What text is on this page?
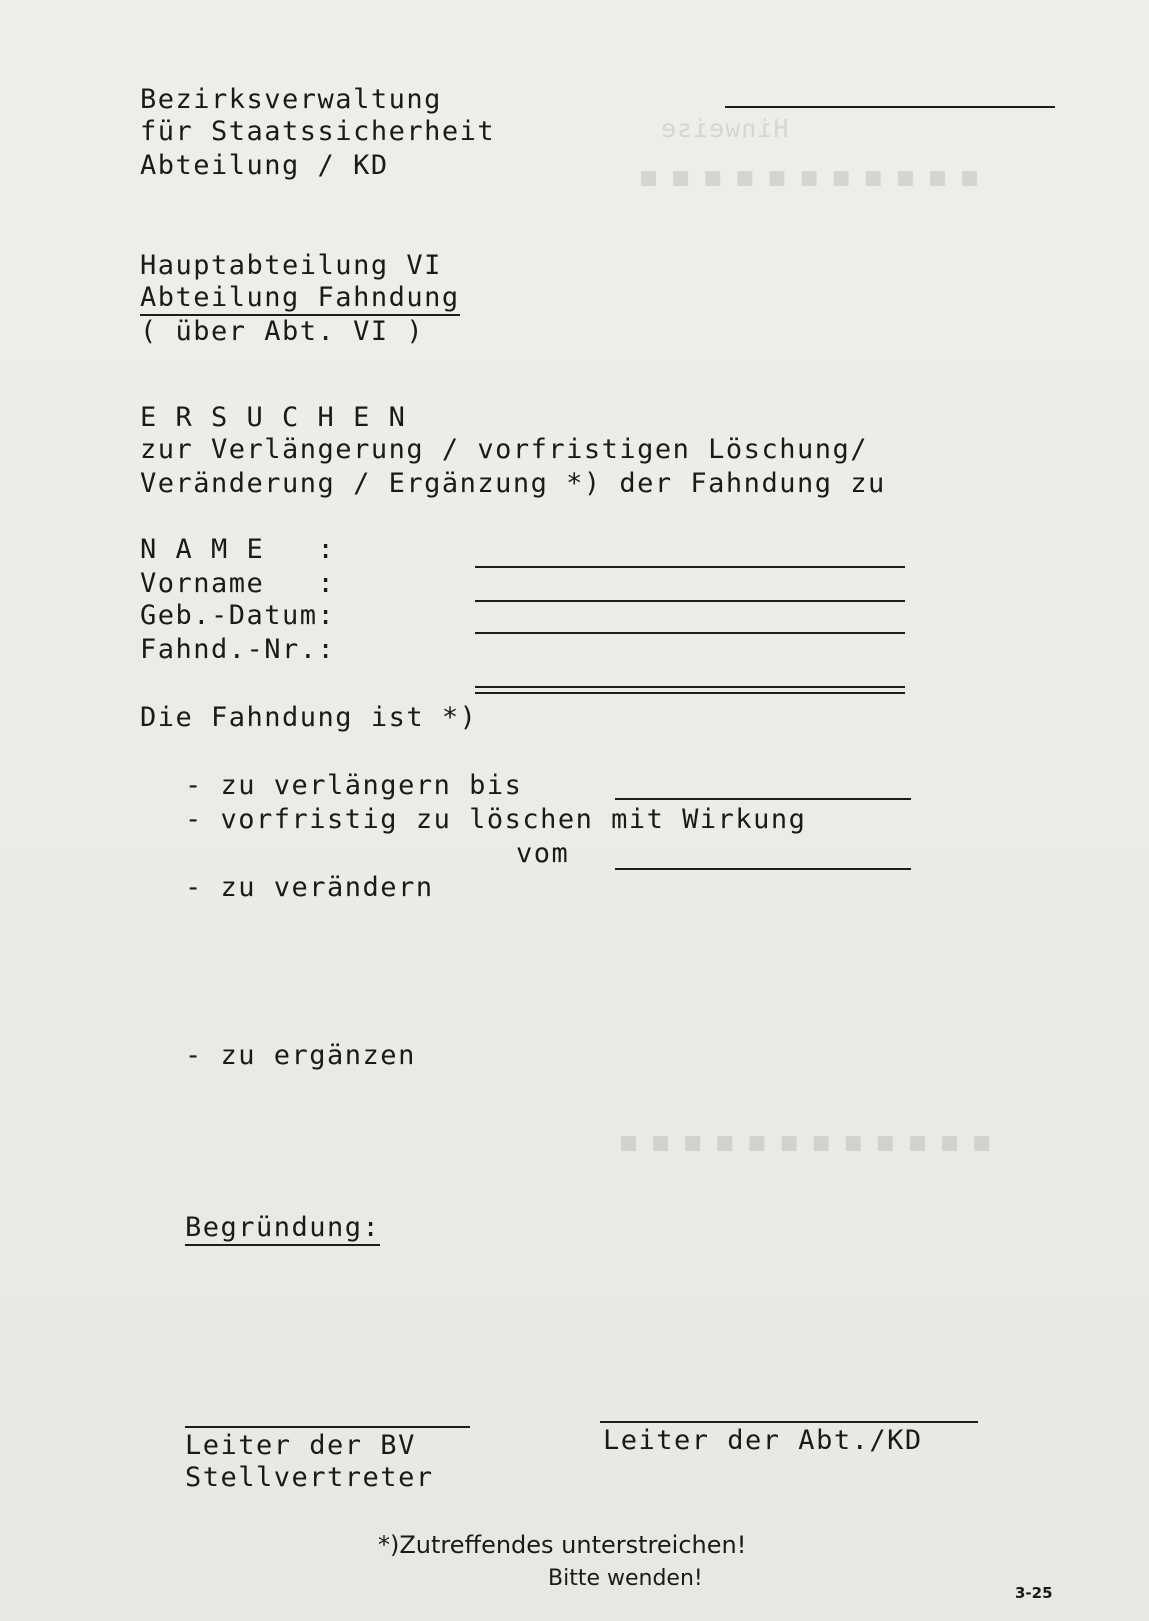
Hinweise
■ ■ ■ ■ ■ ■ ■ ■ ■ ■ ■
■ ■ ■ ■ ■ ■ ■ ■ ■ ■ ■ ■
Bezirksverwaltung
für Staatssicherheit
Abteilung / KD
Hauptabteilung VI
Abteilung Fahndung
( über Abt. VI )
E R S U C H E N
zur Verlängerung / vorfristigen Löschung/
Veränderung / Ergänzung *) der Fahndung zu
N A M E   :
Vorname   :
Geb.-Datum:
Fahnd.-Nr.:
Die Fahndung ist *)
- zu verlängern bis
- vorfristig zu löschen mit Wirkung
vom
- zu verändern
- zu ergänzen
Begründung:
Leiter der BV
Stellvertreter
Leiter der Abt./KD
*)Zutreffendes unterstreichen!
Bitte wenden!
3-25
